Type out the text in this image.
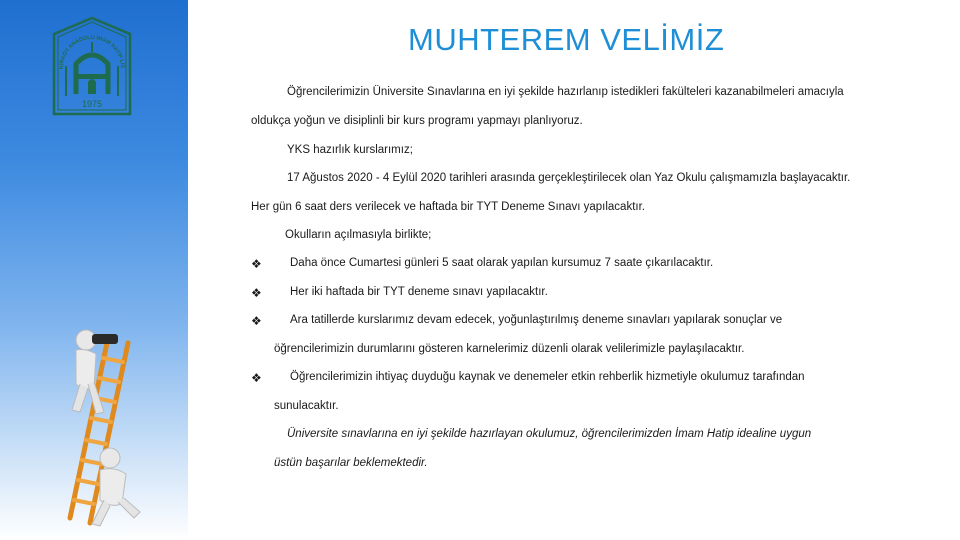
KIRKÖY ANADOLU İMAM HATİP LİS
1975
MUHTEREM VELİMİZ
Öğrencilerimizin Üniversite Sınavlarına en iyi şekilde hazırlanıp istedikleri fakülteleri kazanabilmeleri amacıyla
oldukça yoğun ve disiplinli bir kurs programı yapmayı planlıyoruz.
YKS hazırlık kurslarımız;
17 Ağustos 2020 - 4 Eylül 2020 tarihleri arasında gerçekleştirilecek olan Yaz Okulu çalışmamızla başlayacaktır.
Her gün 6 saat ders verilecek ve haftada bir TYT Deneme Sınavı yapılacaktır.
Okulların açılmasıyla birlikte;
❖ Daha önce Cumartesi günleri 5 saat olarak yapılan kursumuz 7 saate çıkarılacaktır.
❖ Her iki haftada bir TYT deneme sınavı yapılacaktır.
❖ Ara tatillerde kurslarımız devam edecek, yoğunlaştırılmış deneme sınavları yapılarak sonuçlar ve
öğrencilerimizin durumlarını gösteren karnelerimiz düzenli olarak velilerimizle paylaşılacaktır.
❖ Öğrencilerimizin ihtiyaç duyduğu kaynak ve denemeler etkin rehberlik hizmetiyle okulumuz tarafından
sunulacaktır.
Üniversite sınavlarına en iyi şekilde hazırlayan okulumuz, öğrencilerimizden İmam Hatip idealine uygun
üstün başarılar beklemektedir.
